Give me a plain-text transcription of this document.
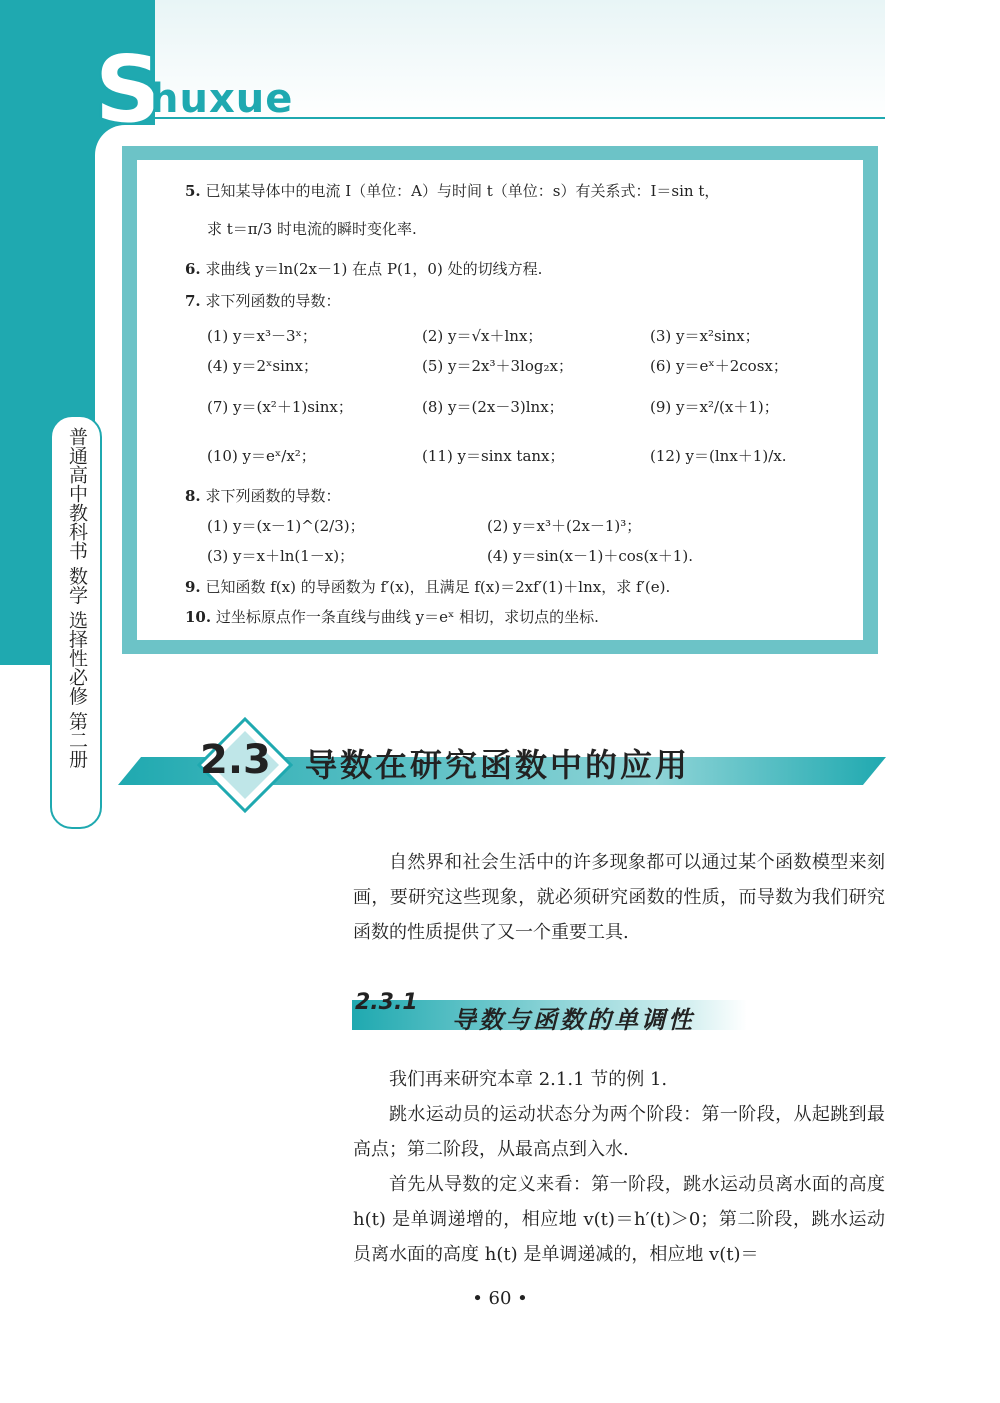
S
huxue
5. 已知某导体中的电流 I（单位：A）与时间 t（单位：s）有关系式：I＝sin t，
求 t＝π/3 时电流的瞬时变化率.
6. 求曲线 y＝ln(2x－1) 在点 P(1，0) 处的切线方程.
7. 求下列函数的导数：
(1) y＝x³－3ˣ；	(2) y＝√x＋lnx；	(3) y＝x²sinx；
(4) y＝2ˣsinx；	(5) y＝2x³＋3log₂x；	(6) y＝eˣ＋2cosx；
(7) y＝(x²＋1)sinx；	(8) y＝(2x－3)lnx；	(9) y＝x²/(x＋1)；
(10) y＝eˣ/x²；	(11) y＝sinx tanx；	(12) y＝(lnx＋1)/x.
8. 求下列函数的导数：
(1) y＝(x－1)^(2/3)；	(2) y＝x³＋(2x－1)³；
(3) y＝x＋ln(1－x)；	(4) y＝sin(x－1)＋cos(x＋1).
9. 已知函数 f(x) 的导函数为 f′(x)，且满足 f(x)＝2xf′(1)＋lnx，求 f′(e).
10. 过坐标原点作一条直线与曲线 y＝eˣ 相切，求切点的坐标.
普通高中教科书 数学 选择性必修 第二册	2.3 导数在研究函数中的应用
自然界和社会生活中的许多现象都可以通过某个函数模型来刻画，要研究这些现象，就必须研究函数的性质，而导数为我们研究函数的性质提供了又一个重要工具.
2.3.1
导数与函数的单调性
我们再来研究本章 2.1.1 节的例 1.
跳水运动员的运动状态分为两个阶段：第一阶段，从起跳到最高点；第二阶段，从最高点到入水.
首先从导数的定义来看：第一阶段，跳水运动员离水面的高度 h(t) 是单调递增的，相应地 v(t)＝h′(t)＞0；第二阶段，跳水运动员离水面的高度 h(t) 是单调递减的，相应地 v(t)＝
• 60 •
